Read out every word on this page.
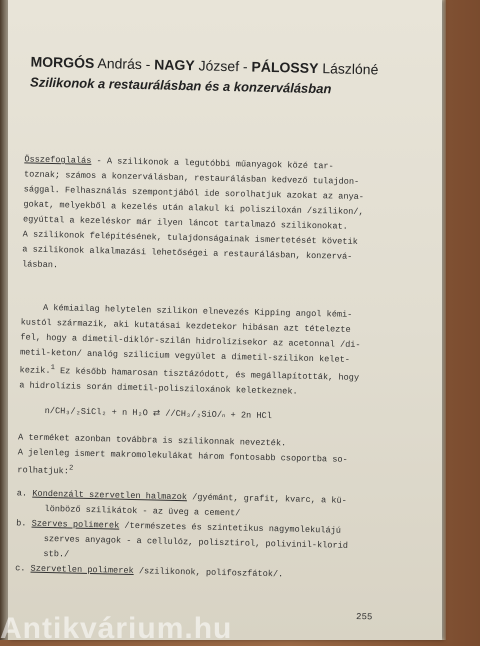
MORGÓS András - NAGY József - PÁLOSSY Lászlóné
Szilikonok a restaurálásban és a konzerválásban
Összefoglalás - A szilikonok a legutóbbi műanyagok közé tar-
toznak; számos a konzerválásban, restaurálásban kedvező tulajdon-
sággal. Felhasználás szempontjából ide sorolhatjuk azokat az anya-
gokat, melyekből a kezelés után alakul ki polisziloxán /szilikon/,
egyúttal a kezeléskor már ilyen láncot tartalmazó szilikonokat.
A szilikonok felépítésének, tulajdonságainak ismertetését követik
a szilikonok alkalmazási lehetőségei a restaurálásban, konzervá-
lásban.
A kémiailag helytelen szilikon elnevezés Kipping angol kémi-
kustól származik, aki kutatásai kezdetekor hibásan azt tételezte
fel, hogy a dimetil-diklór-szilán hidrolízisekor az acetonnal /di-
metil-keton/ analóg szilicium vegyület a dimetil-szilikon kelet-
kezik.$^1$ Ez később hamarosan tisztázódott, és megállapították, hogy
a hidrolízis során dimetil-polisziloxánok keletkeznek.
n/CH₃/₂SiCl₂ + n H₂O ⇄ //CH₃/₂SiO/ₙ + 2n HCl
A terméket azonban továbbra is szilikonnak nevezték.
A jelenleg ismert makromolekulákat három fontosabb csoportba so-
rolhatjuk:$^2$
a. Kondenzált szervetlen halmazok /gyémánt, grafit, kvarc, a kü-
lönböző szilikátok - az üveg a cement/
b. Szerves polimerek /természetes és szintetikus nagymolekulájú
szerves anyagok - a cellulóz, polisztirol, polivinil-klorid
stb./
c. Szervetlen polimerek /szilikonok, polifoszfátok/.
255
Antikvárium.hu
